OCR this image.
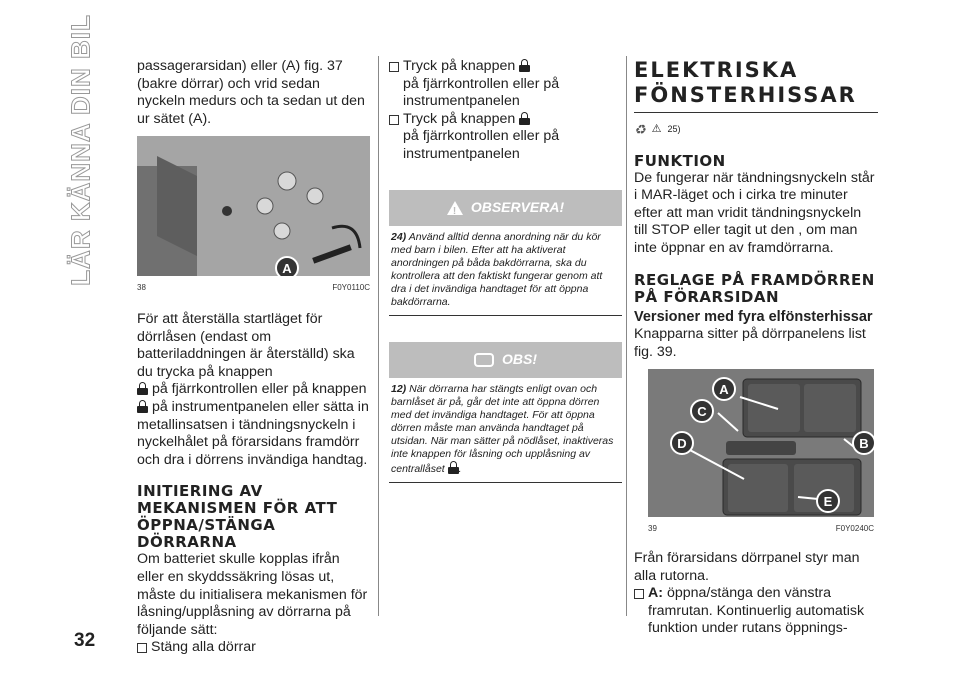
LÄR KÄNNA DIN BIL
32

passagerarsidan) eller (A) fig. 37 (bakre dörrar) och vrid sedan nyckeln medurs och ta sedan ut den ur sätet (A).

A
38	F0Y0110C

För att återställa startläget för dörrlåsen (endast om batteriladdningen är återställd) ska du trycka på knappen
på fjärrkontrollen eller på knappen
på instrumentpanelen eller sätta in metallinsatsen i tändningsnyckeln i nyckelhålet på förarsidans framdörr och dra i dörrens invändiga handtag.

INITIERING AV MEKANISMEN FÖR ATT ÖPPNA/STÄNGA DÖRRARNA

Om batteriet skulle kopplas ifrån eller en skyddssäkring lösas ut, måste du initialisera mekanismen för låsning/upplåsning av dörrarna på följande sätt:

Stäng alla dörrar
Tryck på knappen
på fjärrkontrollen eller på instrumentpanelen
Tryck på knappen
på fjärrkontrollen eller på instrumentpanelen
!
OBSERVERA!
24) Använd alltid denna anordning när du kör med barn i bilen. Efter att ha aktiverat anordningen på båda bakdörrarna, ska du kontrollera att den faktiskt fungerar genom att dra i det invändiga handtaget för att öppna bakdörrarna.
OBS!
12) När dörrarna har stängts enligt ovan och barnlåset är på, går det inte att öppna dörren med det invändiga handtaget. För att öppna dörren måste man använda handtaget på utsidan. När man sätter på nödlåset, inaktiveras inte knappen för låsning och upplåsning av centrallåset .
ELEKTRISKA FÖNSTERHISSAR
♻ ⚠ 25)
FUNKTION

De fungerar när tändningsnyckeln står i MAR-läget och i cirka tre minuter efter att man vridit tändningsnyckeln till STOP eller tagit ut den , om man inte öppnar en av framdörrarna.

REGLAGE PÅ FRAMDÖRREN PÅ FÖRARSIDAN
Versioner med fyra elfönsterhissar

Knapparna sitter på dörrpanelens list fig. 39.

A
B
C
D
E
39	F0Y0240C

Från förarsidans dörrpanel styr man alla rutorna.

A: öppna/stänga den vänstra framrutan. Kontinuerlig automatisk funktion under rutans öppnings-
